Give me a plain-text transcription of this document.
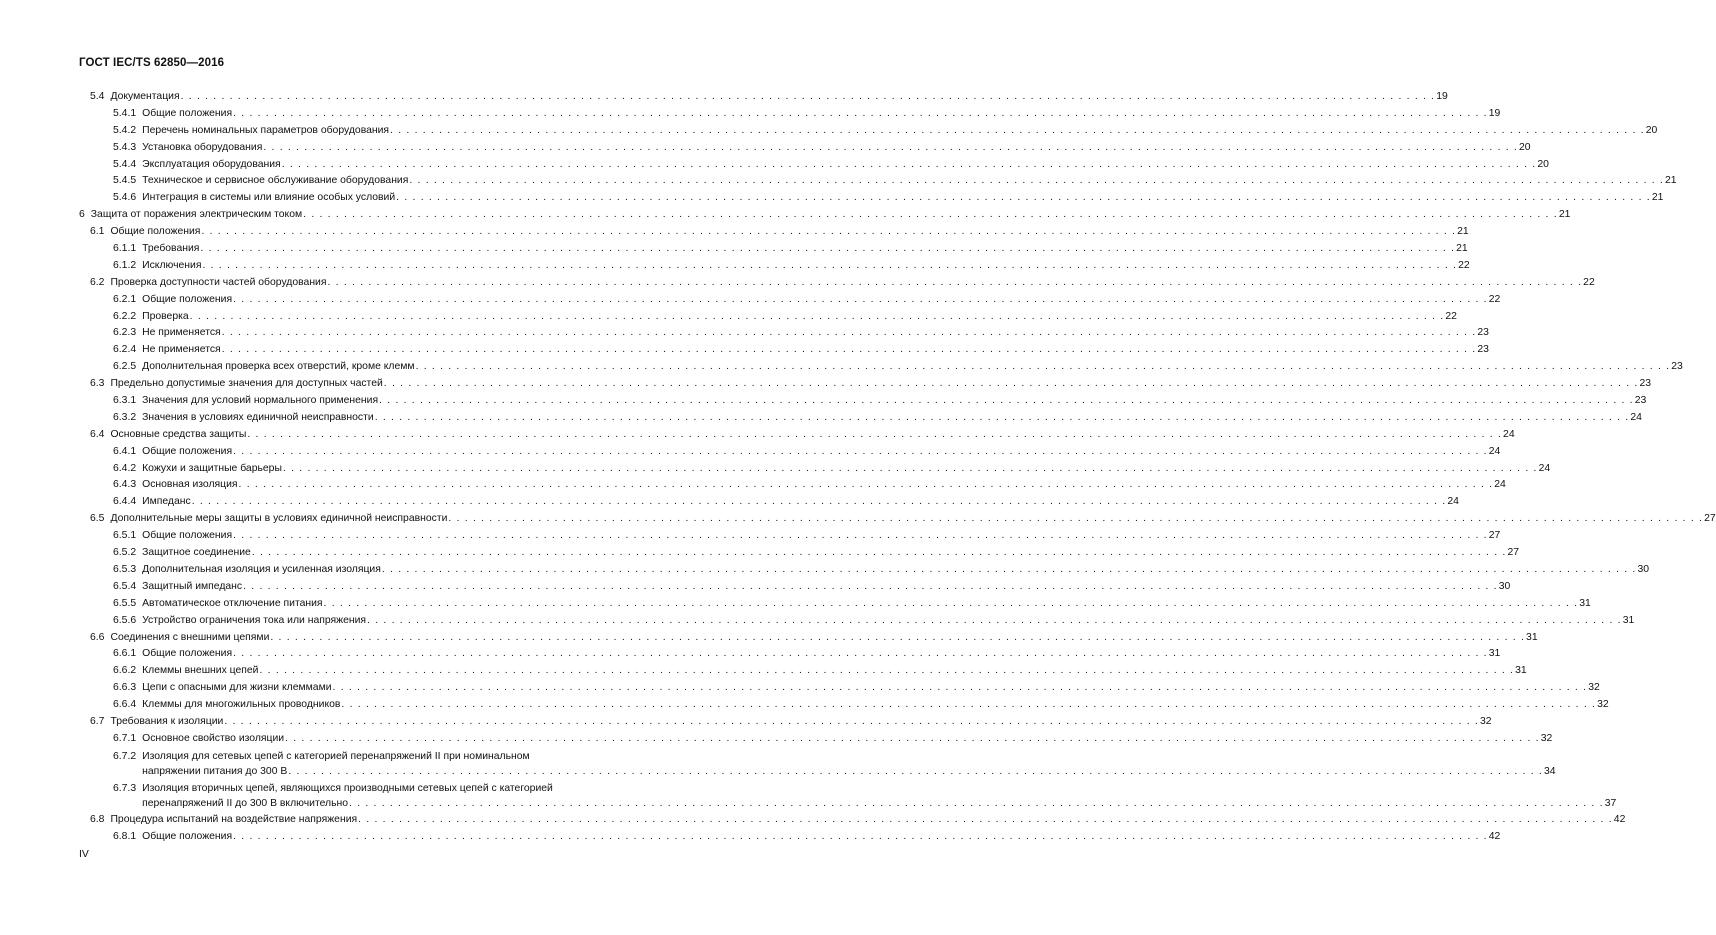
ГОСТ IEC/TS 62850—2016
5.4 Документация . . .	19
5.4.1 Общие положения . . .	19
5.4.2 Перечень номинальных параметров оборудования . . .	20
5.4.3 Установка оборудования . . .	20
5.4.4 Эксплуатация оборудования . . .	20
5.4.5 Техническое и сервисное обслуживание оборудования . . .	21
5.4.6 Интеграция в системы или влияние особых условий . . .	21
6 Защита от поражения электрическим током . . .	21
6.1 Общие положения . . .	21
6.1.1 Требования . . .	21
6.1.2 Исключения . . .	22
6.2 Проверка доступности частей оборудования . . .	22
6.2.1 Общие положения . . .	22
6.2.2 Проверка . . .	22
6.2.3 Не применяется . . .	23
6.2.4 Не применяется . . .	23
6.2.5 Дополнительная проверка всех отверстий, кроме клемм . . .	23
6.3 Предельно допустимые значения для доступных частей . . .	23
6.3.1 Значения для условий нормального применения . . .	23
6.3.2 Значения в условиях единичной неисправности . . .	24
6.4 Основные средства защиты . . .	24
6.4.1 Общие положения . . .	24
6.4.2 Кожухи и защитные барьеры . . .	24
6.4.3 Основная изоляция . . .	24
6.4.4 Импеданс . . .	24
6.5 Дополнительные меры защиты в условиях единичной неисправности . . .	27
6.5.1 Общие положения . . .	27
6.5.2 Защитное соединение . . .	27
6.5.3 Дополнительная изоляция и усиленная изоляция . . .	30
6.5.4 Защитный импеданс . . .	30
6.5.5 Автоматическое отключение питания . . .	31
6.5.6 Устройство ограничения тока или напряжения . . .	31
6.6 Соединения с внешними цепями . . .	31
6.6.1 Общие положения . . .	31
6.6.2 Клеммы внешних цепей . . .	31
6.6.3 Цепи с опасными для жизни клеммами . . .	32
6.6.4 Клеммы для многожильных проводников . . .	32
6.7 Требования к изоляции . . .	32
6.7.1 Основное свойство изоляции . . .	32
6.7.2 Изоляция для сетевых цепей с категорией перенапряжений II при номинальном
напряжении питания до 300 В . . .	34
6.7.3 Изоляция вторичных цепей, являющихся производными сетевых цепей с категорией
перенапряжений II до 300 В включительно . . .	37
6.8 Процедура испытаний на воздействие напряжения . . .	42
6.8.1 Общие положения . . .	42
IV
